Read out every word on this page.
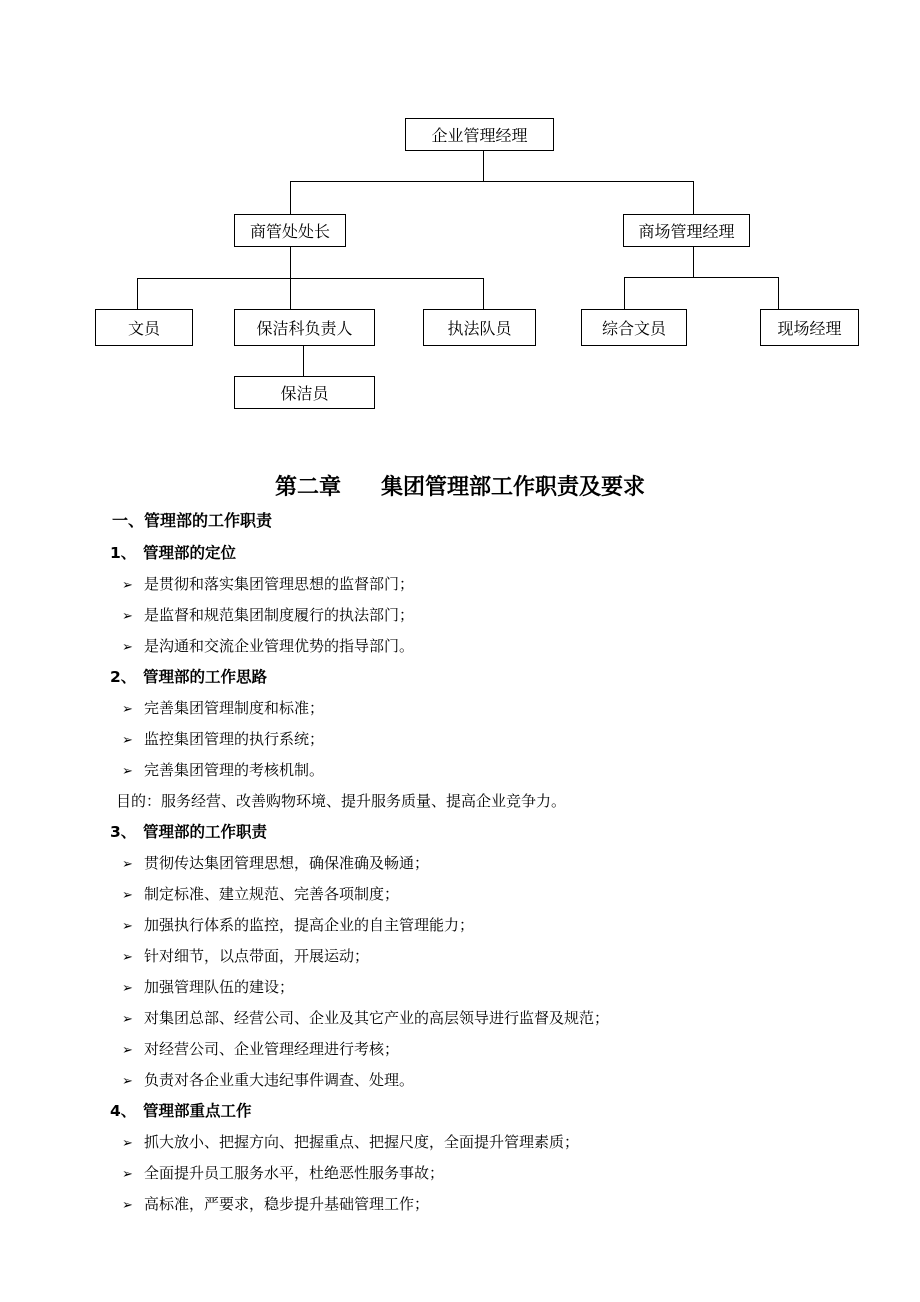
企业管理经理
商管处处长	商场管理经理
文员	保洁科负责人	执法队员	综合文员	现场经理
保洁员
第二章 集团管理部工作职责及要求
一、管理部的工作职责
1、 管理部的定位
➢ 是贯彻和落实集团管理思想的监督部门；
➢ 是监督和规范集团制度履行的执法部门；
➢ 是沟通和交流企业管理优势的指导部门。
2、 管理部的工作思路
➢ 完善集团管理制度和标准；
➢ 监控集团管理的执行系统；
➢ 完善集团管理的考核机制。
目的：服务经营、改善购物环境、提升服务质量、提高企业竞争力。
3、 管理部的工作职责
➢ 贯彻传达集团管理思想，确保准确及畅通；
➢ 制定标准、建立规范、完善各项制度；
➢ 加强执行体系的监控，提高企业的自主管理能力；
➢ 针对细节，以点带面，开展运动；
➢ 加强管理队伍的建设；
➢ 对集团总部、经营公司、企业及其它产业的高层领导进行监督及规范；
➢ 对经营公司、企业管理经理进行考核；
➢ 负责对各企业重大违纪事件调查、处理。
4、 管理部重点工作
➢ 抓大放小、把握方向、把握重点、把握尺度，全面提升管理素质；
➢ 全面提升员工服务水平，杜绝恶性服务事故；
➢ 高标准，严要求，稳步提升基础管理工作；
